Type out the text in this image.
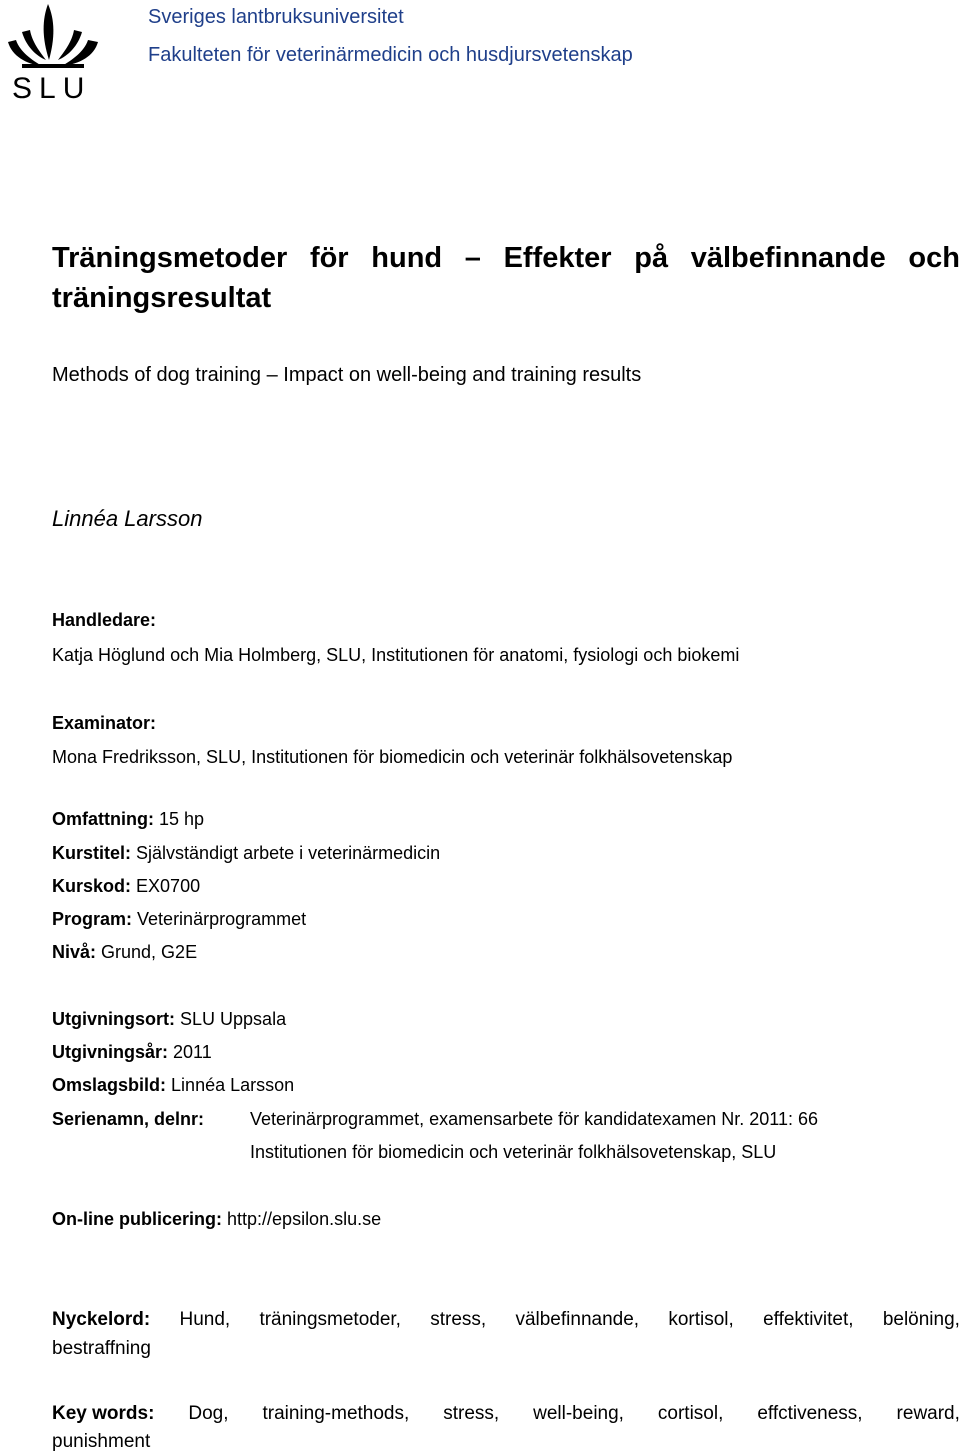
SLU
Sveriges lantbruksuniversitet
Fakulteten för veterinärmedicin och husdjursvetenskap
Träningsmetoder för hund – Effekter på välbefinnande och
träningsresultat
Methods of dog training – Impact on well-being and training results
Linnéa Larsson
Handledare:
Katja Höglund och Mia Holmberg, SLU, Institutionen för anatomi, fysiologi och biokemi
Examinator:
Mona Fredriksson, SLU, Institutionen för biomedicin och veterinär folkhälsovetenskap
Omfattning: 15 hp
Kurstitel: Självständigt arbete i veterinärmedicin
Kurskod: EX0700
Program: Veterinärprogrammet
Nivå: Grund, G2E
Utgivningsort: SLU Uppsala
Utgivningsår: 2011
Omslagsbild: Linnéa Larsson
Serienamn, delnr:	Veterinärprogrammet, examensarbete för kandidatexamen Nr. 2011: 66
Institutionen för biomedicin och veterinär folkhälsovetenskap, SLU
On-line publicering: http://epsilon.slu.se
Nyckelord: Hund, träningsmetoder, stress, välbefinnande, kortisol, effektivitet, belöning,
bestraffning
Key words: Dog, training-methods, stress, well-being, cortisol, effctiveness, reward,
punishment
